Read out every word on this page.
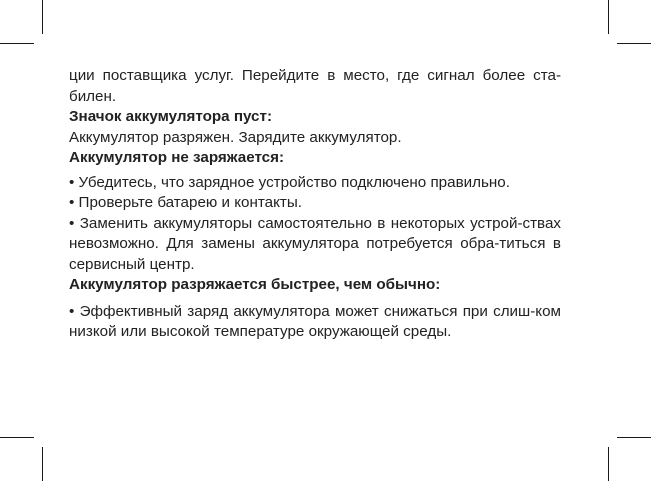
ции поставщика услуг. Перейдите в место, где сигнал более ста-билен.

Значок аккумулятора пуст:

Аккумулятор разряжен. Зарядите аккумулятор.

Аккумулятор не заряжается:

• Убедитесь, что зарядное устройство подключено правильно.

• Проверьте батарею и контакты.

• Заменить аккумуляторы самостоятельно в некоторых устрой-ствах невозможно. Для замены аккумулятора потребуется обра-титься в сервисный центр.

Аккумулятор разряжается быстрее, чем обычно:

• Эффективный заряд аккумулятора может снижаться при слиш-ком низкой или высокой температуре окружающей среды.
